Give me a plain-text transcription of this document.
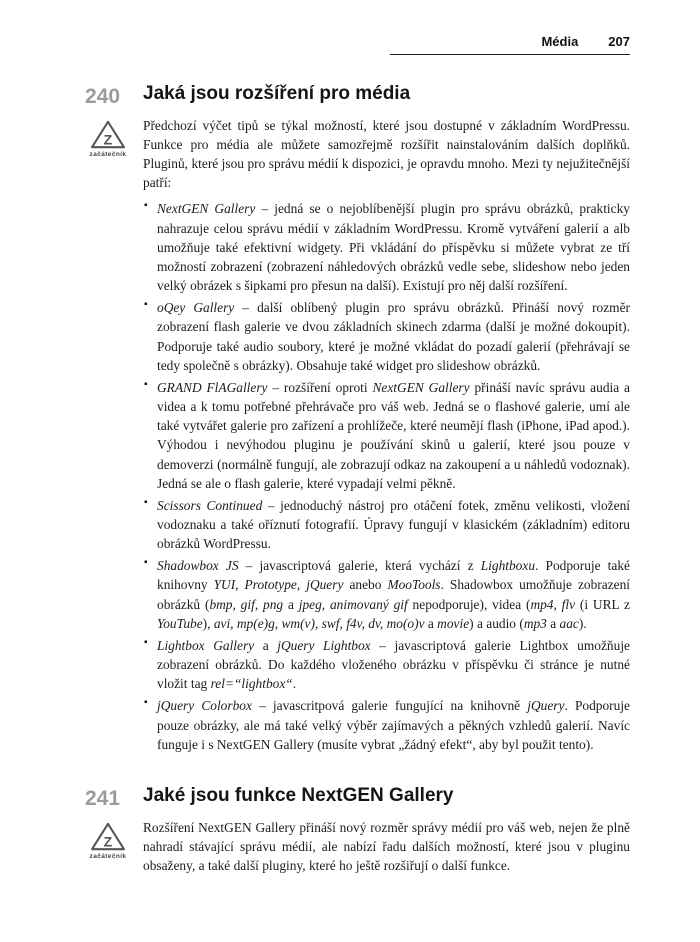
Média 207
240
Z
začátečník
Jaká jsou rozšíření pro média

Předchozí výčet tipů se týkal možností, které jsou dostupné v základním WordPressu. Funkce pro média ale můžete samozřejmě rozšířit nainstalováním dalších doplňků. Pluginů, které jsou pro správu médií k dispozici, je opravdu mnoho. Mezi ty nejužitečnější patří:

▪ NextGEN Gallery – jedná se o nejoblíbenější plugin pro správu obrázků, prakticky nahrazuje celou správu médií v základním WordPressu. Kromě vytváření galerií a alb umožňuje také efektivní widgety. Při vkládání do příspěvku si můžete vybrat ze tří možností zobrazení (zobrazení náhledových obrázků vedle sebe, slideshow nebo jeden velký obrázek s šipkami pro přesun na další). Existují pro něj další rozšíření.
▪ oQey Gallery – další oblíbený plugin pro správu obrázků. Přináší nový rozměr zobrazení flash galerie ve dvou základních skinech zdarma (další je možné dokoupit). Podporuje také audio soubory, které je možné vkládat do pozadí galerií (přehrávají se tedy společně s obrázky). Obsahuje také widget pro slideshow obrázků.
▪ GRAND FlAGallery – rozšíření oproti NextGEN Gallery přináší navíc správu audia a videa a k tomu potřebné přehrávače pro váš web. Jedná se o flashové galerie, umí ale také vytvářet galerie pro zařízení a prohlížeče, které neumějí flash (iPhone, iPad apod.). Výhodou i nevýhodou pluginu je používání skinů u galerií, které jsou pouze v demoverzi (normálně fungují, ale zobrazují odkaz na zakoupení a u náhledů vodoznak). Jedná se ale o flash galerie, které vypadají velmi pěkně.
▪ Scissors Continued – jednoduchý nástroj pro otáčení fotek, změnu velikosti, vložení vodoznaku a také oříznutí fotografií. Úpravy fungují v klasickém (základním) editoru obrázků WordPressu.
▪ Shadowbox JS – javascriptová galerie, která vychází z Lightboxu. Podporuje také knihovny YUI, Prototype, jQuery anebo MooTools. Shadowbox umožňuje zobrazení obrázků (bmp, gif, png a jpeg, animovaný gif nepodporuje), videa (mp4, flv (i URL z YouTube), avi, mp(e)g, wm(v), swf, f4v, dv, mo(o)v a movie) a audio (mp3 a aac).
▪ Lightbox Gallery a jQuery Lightbox – javascriptová galerie Lightbox umožňuje zobrazení obrázků. Do každého vloženého obrázku v příspěvku či stránce je nutné vložit tag rel=“lightbox“.
▪ jQuery Colorbox – javascritpová galerie fungující na knihovně jQuery. Podporuje pouze obrázky, ale má také velký výběr zajímavých a pěkných vzhledů galerií. Navíc funguje i s NextGEN Gallery (musíte vybrat „žádný efekt“, aby byl použit tento).
241
Z
začátečník
Jaké jsou funkce NextGEN Gallery

Rozšíření NextGEN Gallery přináší nový rozměr správy médií pro váš web, nejen že plně nahradí stávající správu médií, ale nabízí řadu dalších možností, které jsou v pluginu obsaženy, a také další pluginy, které ho ještě rozšiřují o další funkce.
